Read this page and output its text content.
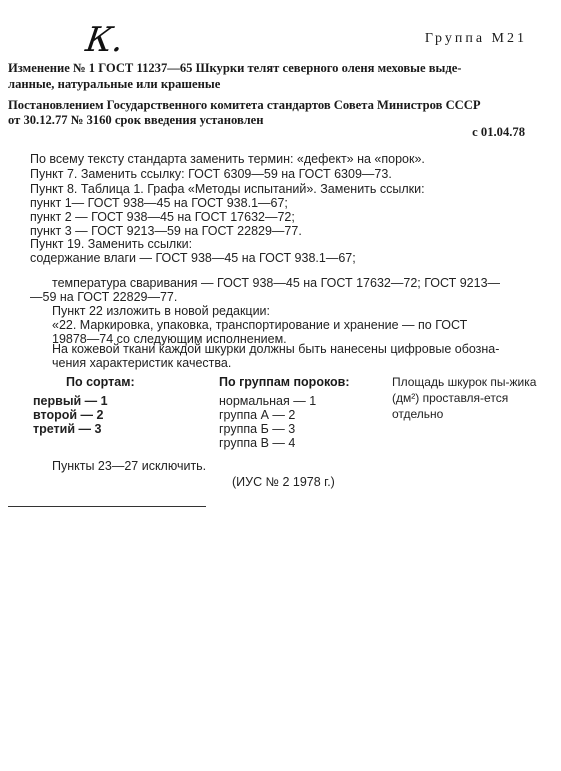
К.	Группа М21
Изменение № 1 ГОСТ 11237—65 Шкурки телят северного оленя меховые выде-
ланные, натуральные или крашеные
Постановлением Государственного комитета стандартов Совета Министров СССР
от 30.12.77 № 3160 срок введения установлен
с 01.04.78
По всему тексту стандарта заменить термин: «дефект» на «порок».
Пункт 7. Заменить ссылку: ГОСТ 6309—59 на ГОСТ 6309—73.
Пункт 8. Таблица 1. Графа «Методы испытаний». Заменить ссылки:
пункт 1— ГОСТ 938—45 на ГОСТ 938.1—67;
пункт 2 — ГОСТ 938—45 на ГОСТ 17632—72;
пункт 3 — ГОСТ 9213—59 на ГОСТ 22829—77.
Пункт 19. Заменить ссылки:
содержание влаги — ГОСТ 938—45 на ГОСТ 938.1—67;
температура сваривания — ГОСТ 938—45 на ГОСТ 17632—72; ГОСТ 9213—
—59 на ГОСТ 22829—77.
Пункт 22 изложить в новой редакции:
«22. Маркировка, упаковка, транспортирование и хранение — по ГОСТ
19878—74 со следующим исполнением.
На кожевой ткани каждой шкурки должны быть нанесены цифровые обозна-
чения характеристик качества.
По сортам:
первый — 1
второй — 2
третий — 3
По группам пороков:
нормальная — 1
группа А — 2
группа Б — 3
группа В — 4
Площадь шкурок пы-жика (дм²) проставля-ется отдельно
Пункты 23—27 исключить.
(ИУС № 2 1978 г.)
